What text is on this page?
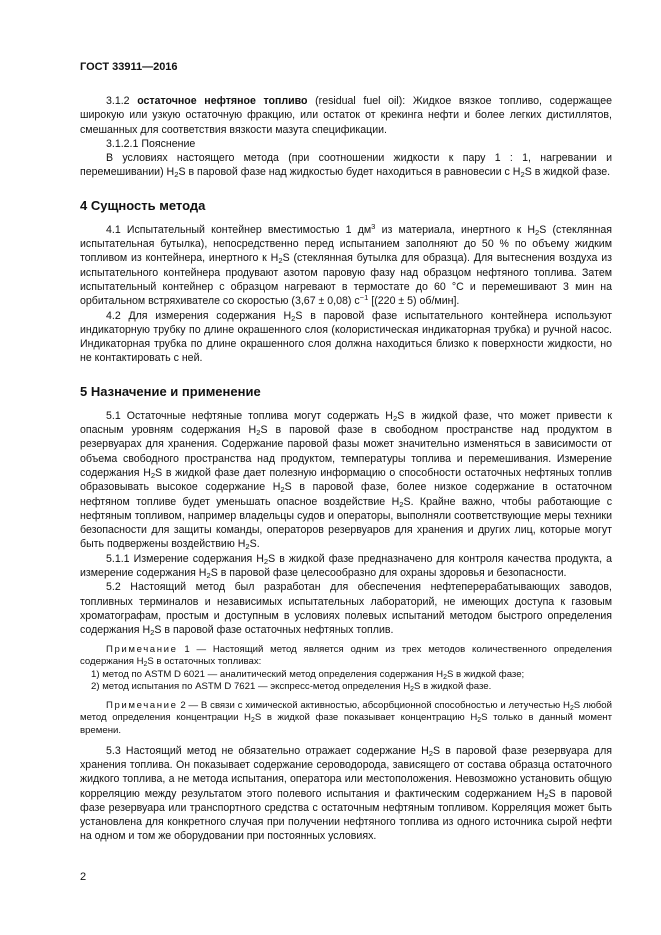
ГОСТ 33911—2016

3.1.2 остаточное нефтяное топливо (residual fuel oil): Жидкое вязкое топливо, содержащее широкую или узкую остаточную фракцию, или остаток от крекинга нефти и более легких дистиллятов, смешанных для соответствия вязкости мазута спецификации.

3.1.2.1 Пояснение

В условиях настоящего метода (при соотношении жидкости к пару 1 : 1, нагревании и перемешивании) $H_2S$ в паровой фазе над жидкостью будет находиться в равновесии с $H_2S$ в жидкой фазе.

4 Сущность метода

4.1 Испытательный контейнер вместимостью 1 $дм^3$ из материала, инертного к $H_2S$ (стеклянная испытательная бутылка), непосредственно перед испытанием заполняют до 50 % по объему жидким топливом из контейнера, инертного к $H_2S$ (стеклянная бутылка для образца). Для вытеснения воздуха из испытательного контейнера продувают азотом паровую фазу над образцом нефтяного топлива. Затем испытательный контейнер с образцом нагревают в термостате до 60 °С и перемешивают 3 мин на орбитальном встряхивателе со скоростью (3,67 ± 0,08) $с^{-1}$ [(220 ± 5) об/мин].

4.2 Для измерения содержания $H_2S$ в паровой фазе испытательного контейнера используют индикаторную трубку по длине окрашенного слоя (колористическая индикаторная трубка) и ручной насос. Индикаторная трубка по длине окрашенного слоя должна находиться близко к поверхности жидкости, но не контактировать с ней.

5 Назначение и применение

5.1 Остаточные нефтяные топлива могут содержать $H_2S$ в жидкой фазе, что может привести к опасным уровням содержания $H_2S$ в паровой фазе в свободном пространстве над продуктом в резервуарах для хранения. Содержание паровой фазы может значительно изменяться в зависимости от объема свободного пространства над продуктом, температуры топлива и перемешивания. Измерение содержания $H_2S$ в жидкой фазе дает полезную информацию о способности остаточных нефтяных топлив образовывать высокое содержание $H_2S$ в паровой фазе, более низкое содержание в остаточном нефтяном топливе будет уменьшать опасное воздействие $H_2S$. Крайне важно, чтобы работающие с нефтяным топливом, например владельцы судов и операторы, выполняли соответствующие меры техники безопасности для защиты команды, операторов резервуаров для хранения и других лиц, которые могут быть подвержены воздействию $H_2S$.

5.1.1 Измерение содержания $H_2S$ в жидкой фазе предназначено для контроля качества продукта, а измерение содержания $H_2S$ в паровой фазе целесообразно для охраны здоровья и безопасности.

5.2 Настоящий метод был разработан для обеспечения нефтеперерабатывающих заводов, топливных терминалов и независимых испытательных лабораторий, не имеющих доступа к газовым хроматографам, простым и доступным в условиях полевых испытаний методом быстрого определения содержания $H_2S$ в паровой фазе остаточных нефтяных топлив.

Примечание 1 — Настоящий метод является одним из трех методов количественного определения содержания $H_2S$ в остаточных топливах:

1) метод по ASTM D 6021 — аналитический метод определения содержания $H_2S$ в жидкой фазе;

2) метод испытания по ASTM D 7621 — экспресс-метод определения $H_2S$ в жидкой фазе.

Примечание 2 — В связи с химической активностью, абсорбционной способностью и летучестью $H_2S$ любой метод определения концентрации $H_2S$ в жидкой фазе показывает концентрацию $H_2S$ только в данный момент времени.

5.3 Настоящий метод не обязательно отражает содержание $H_2S$ в паровой фазе резервуара для хранения топлива. Он показывает содержание сероводорода, зависящего от состава образца остаточного жидкого топлива, а не метода испытания, оператора или местоположения. Невозможно установить общую корреляцию между результатом этого полевого испытания и фактическим содержанием $H_2S$ в паровой фазе резервуара или транспортного средства с остаточным нефтяным топливом. Корреляция может быть установлена для конкретного случая при получении нефтяного топлива из одного источника сырой нефти на одном и том же оборудовании при постоянных условиях.

2
